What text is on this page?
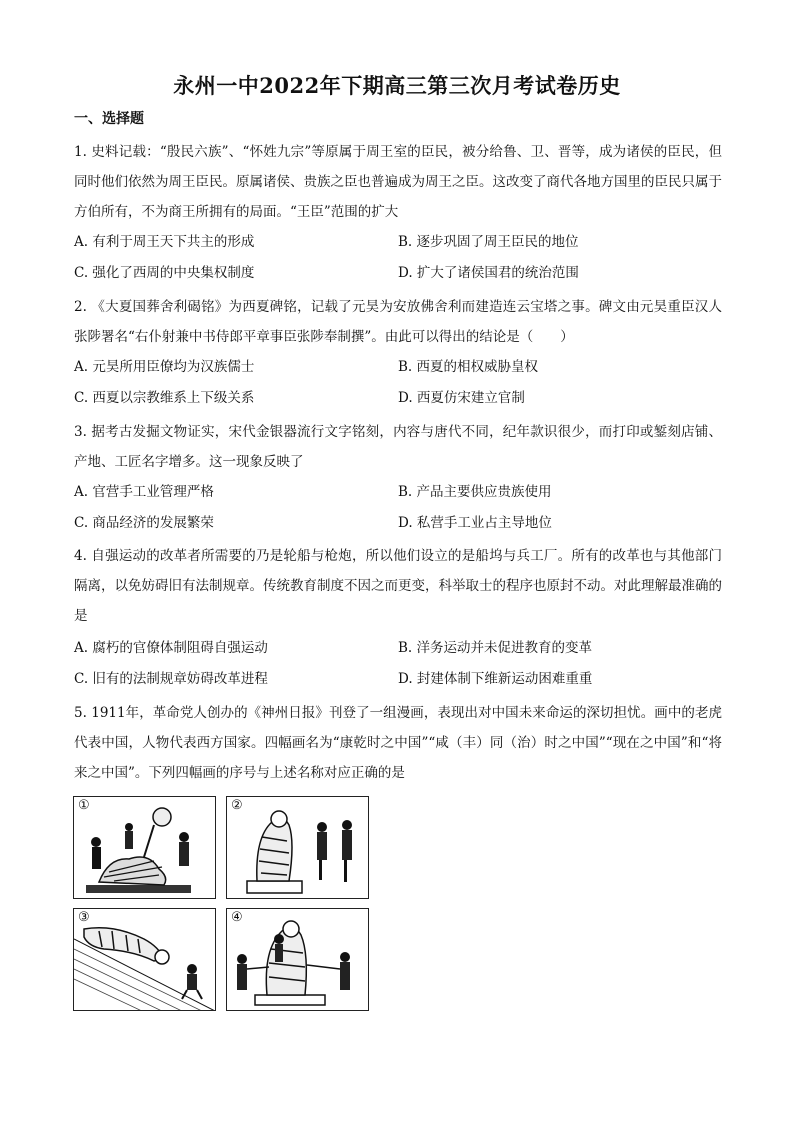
永州一中2022年下期高三第三次月考试卷历史
一、选择题
1. 史料记载：“殷民六族”、“怀姓九宗”等原属于周王室的臣民，被分给鲁、卫、晋等，成为诸侯的臣民，但同时他们依然为周王臣民。原属诸侯、贵族之臣也普遍成为周王之臣。这改变了商代各地方国里的臣民只属于方伯所有，不为商王所拥有的局面。“王臣”范围的扩大
A. 有利于周王天下共主的形成	B. 逐步巩固了周王臣民的地位
C. 强化了西周的中央集权制度	D. 扩大了诸侯国君的统治范围
2. 《大夏国葬舍利碣铭》为西夏碑铭，记载了元昊为安放佛舍利而建造连云宝塔之事。碑文由元昊重臣汉人张陟署名“右仆射兼中书侍郎平章事臣张陟奉制撰”。由此可以得出的结论是（　　）
A. 元昊所用臣僚均为汉族儒士	B. 西夏的相权威胁皇权
C. 西夏以宗教维系上下级关系	D. 西夏仿宋建立官制
3. 据考古发掘文物证实，宋代金银器流行文字铭刻，内容与唐代不同，纪年款识很少，而打印或錾刻店铺、产地、工匠名字增多。这一现象反映了
A. 官营手工业管理严格	B. 产品主要供应贵族使用
C. 商品经济的发展繁荣	D. 私营手工业占主导地位
4. 自强运动的改革者所需要的乃是轮船与枪炮，所以他们设立的是船坞与兵工厂。所有的改革也与其他部门隔离，以免妨碍旧有法制规章。传统教育制度不因之而更变，科举取士的程序也原封不动。对此理解最准确的是
A. 腐朽的官僚体制阻碍自强运动	B. 洋务运动并未促进教育的变革
C. 旧有的法制规章妨碍改革进程	D. 封建体制下维新运动困难重重
5. 1911年，革命党人创办的《神州日报》刊登了一组漫画，表现出对中国未来命运的深切担忧。画中的老虎代表中国，人物代表西方国家。四幅画名为“康乾时之中国”“咸（丰）同（治）时之中国”“现在之中国”和“将来之中国”。下列四幅画的序号与上述名称对应正确的是
①	②
③	④
